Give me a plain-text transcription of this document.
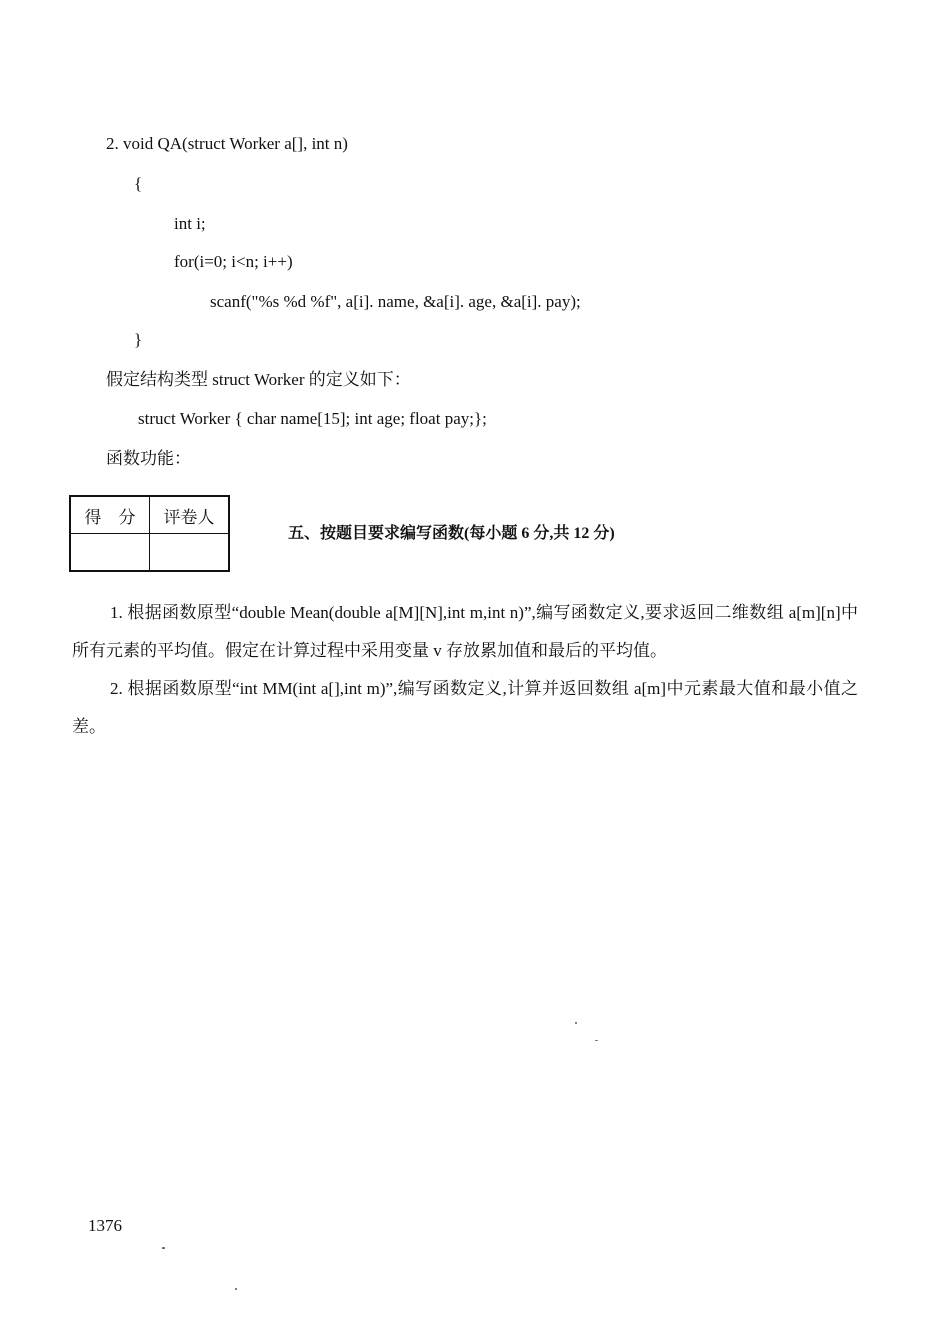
2. void QA(struct Worker a[], int n)
{
int i;
for(i=0; i<n; i++)
scanf("%s %d %f", a[i]. name, &a[i]. age, &a[i]. pay);
}
假定结构类型 struct Worker 的定义如下：
struct Worker { char name[15]; int age; float pay;};
函数功能：
得　分	评卷人

五、按题目要求编写函数(每小题 6 分,共 12 分)

1. 根据函数原型“double Mean(double a[M][N],int m,int n)”,编写函数定义,要求返回二维数组 a[m][n]中所有元素的平均值。假定在计算过程中采用变量 v 存放累加值和最后的平均值。

2. 根据函数原型“int MM(int a[],int m)”,编写函数定义,计算并返回数组 a[m]中元素最大值和最小值之差。

1376
